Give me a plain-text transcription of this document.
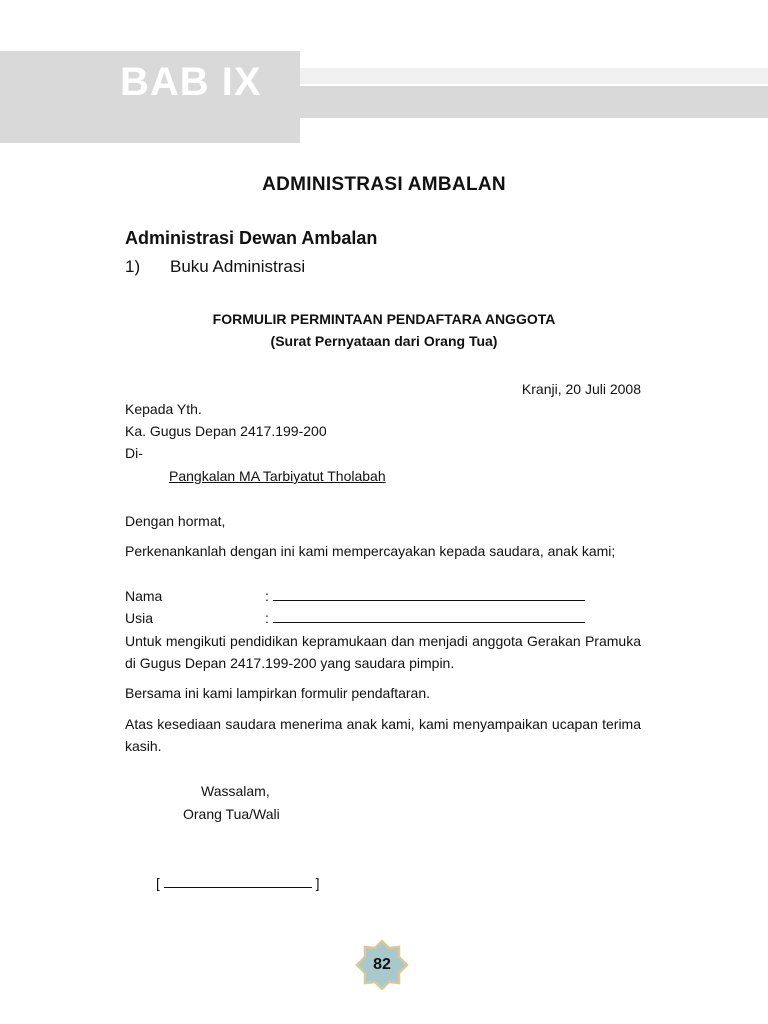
BAB IX
ADMINISTRASI AMBALAN
Administrasi Dewan Ambalan
1) Buku Administrasi
FORMULIR PERMINTAAN PENDAFTARA ANGGOTA
(Surat Pernyataan dari Orang Tua)
Kranji, 20 Juli 2008
Kepada Yth.
Ka. Gugus Depan 2417.199-200
Di-
Pangkalan MA Tarbiyatut Tholabah
Dengan hormat,
Perkenankanlah dengan ini kami mempercayakan kepada saudara, anak kami;
Nama	:
Usia	:
Untuk mengikuti pendidikan kepramukaan dan menjadi anggota Gerakan Pramuka di Gugus Depan 2417.199-200 yang saudara pimpin.
Bersama ini kami lampirkan formulir pendaftaran.
Atas kesediaan saudara menerima anak kami, kami menyampaikan ucapan terima kasih.
Wassalam,
Orang Tua/Wali
[	]
82
